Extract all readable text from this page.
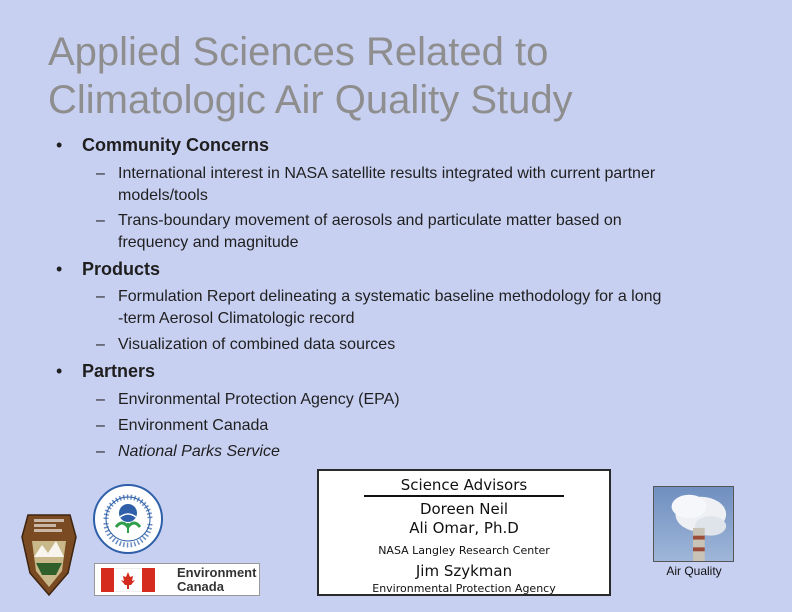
Applied Sciences Related to
Climatologic Air Quality Study
• Community Concerns
– International interest in NASA satellite results integrated with current partner
models/tools
– Trans-boundary movement of aerosols and particulate matter based on
frequency and magnitude
• Products
– Formulation Report delineating a systematic baseline methodology for a long
-term Aerosol Climatologic record
– Visualization of combined data sources
• Partners
– Environmental Protection Agency (EPA)
– Environment Canada
– National Parks Service
Science Advisors
Doreen Neil
Ali Omar, Ph.D
NASA Langley Research Center
Jim Szykman
Environmental Protection Agency
Environment
Canada
Air Quality
